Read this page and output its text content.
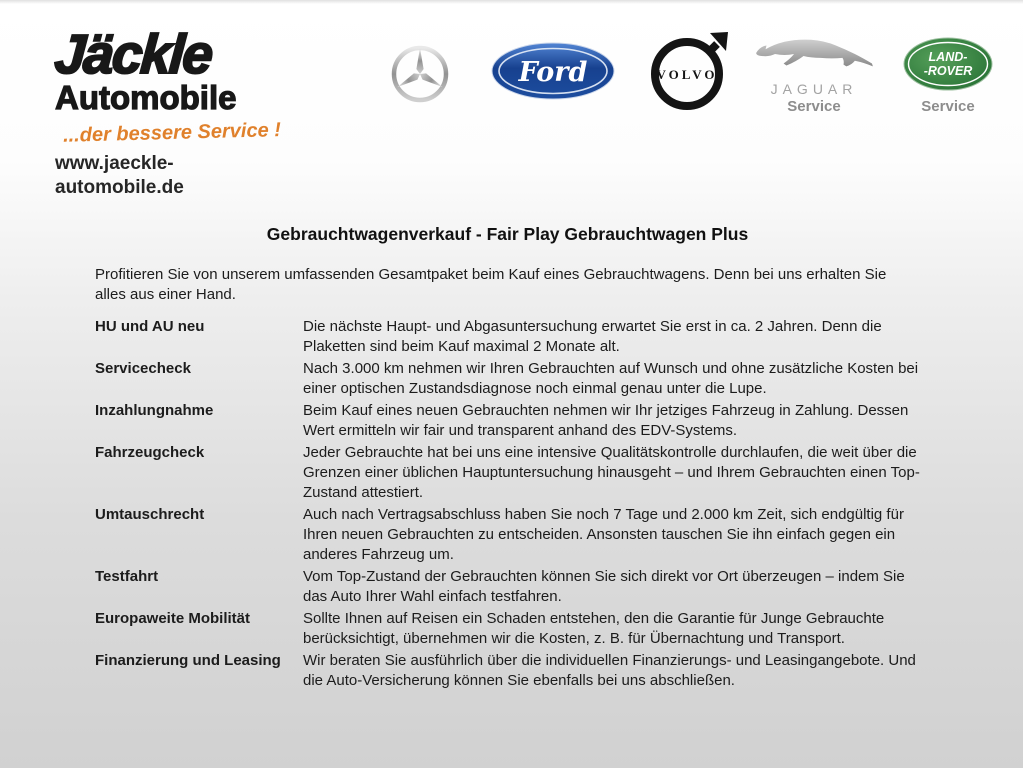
Jäckle
Automobile
...der bessere Service !
www.jaeckle-automobile.de
Ford	VOLVO
JAGUAR
Service
LAND-
-ROVER
Service
Gebrauchtwagenverkauf - Fair Play Gebrauchtwagen Plus
Profitieren Sie von unserem umfassenden Gesamtpaket beim Kauf eines Gebrauchtwagens. Denn bei uns erhalten Sie alles aus einer Hand.
HU und AU neu	Die nächste Haupt- und Abgasuntersuchung erwartet Sie erst in ca. 2 Jahren. Denn die Plaketten sind beim Kauf maximal 2 Monate alt.
Servicecheck	Nach 3.000 km nehmen wir Ihren Gebrauchten auf Wunsch und ohne zusätzliche Kosten bei einer optischen Zustandsdiagnose noch einmal genau unter die Lupe.
Inzahlungnahme	Beim Kauf eines neuen Gebrauchten nehmen wir Ihr jetziges Fahrzeug in Zahlung. Dessen Wert ermitteln wir fair und transparent anhand des EDV-Systems.
Fahrzeugcheck	Jeder Gebrauchte hat bei uns eine intensive Qualitätskontrolle durchlaufen, die weit über die Grenzen einer üblichen Hauptuntersuchung hinausgeht – und Ihrem Gebrauchten einen Top-Zustand attestiert.
Umtauschrecht	Auch nach Vertragsabschluss haben Sie noch 7 Tage und 2.000 km Zeit, sich endgültig für Ihren neuen Gebrauchten zu entscheiden. Ansonsten tauschen Sie ihn einfach gegen ein anderes Fahrzeug um.
Testfahrt	Vom Top-Zustand der Gebrauchten können Sie sich direkt vor Ort überzeugen – indem Sie das Auto Ihrer Wahl einfach testfahren.
Europaweite Mobilität	Sollte Ihnen auf Reisen ein Schaden entstehen, den die Garantie für Junge Gebrauchte berücksichtigt, übernehmen wir die Kosten, z. B. für Übernachtung und Transport.
Finanzierung und Leasing	Wir beraten Sie ausführlich über die individuellen Finanzierungs- und Leasingangebote. Und die Auto-Versicherung können Sie ebenfalls bei uns abschließen.
